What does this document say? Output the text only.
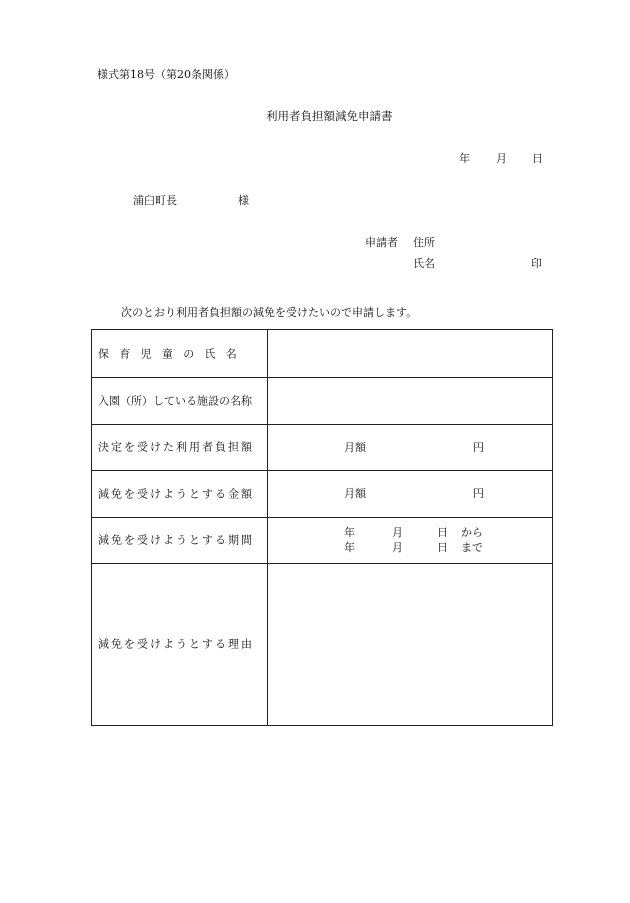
様式第18号（第20条関係）
利用者負担額減免申請書
年 月 日
浦臼町長	様
申請者 住所
氏名	印
次のとおり利用者負担額の減免を受けたいので申請します。
保育児童の氏名
入園（所）している施設の名称
決定を受けた利用者負担額	月額	円
減免を受けようとする金額	月額	円
減免を受けようとする期間
年	月	日 から
年	月	日 まで
減免を受けようとする理由
